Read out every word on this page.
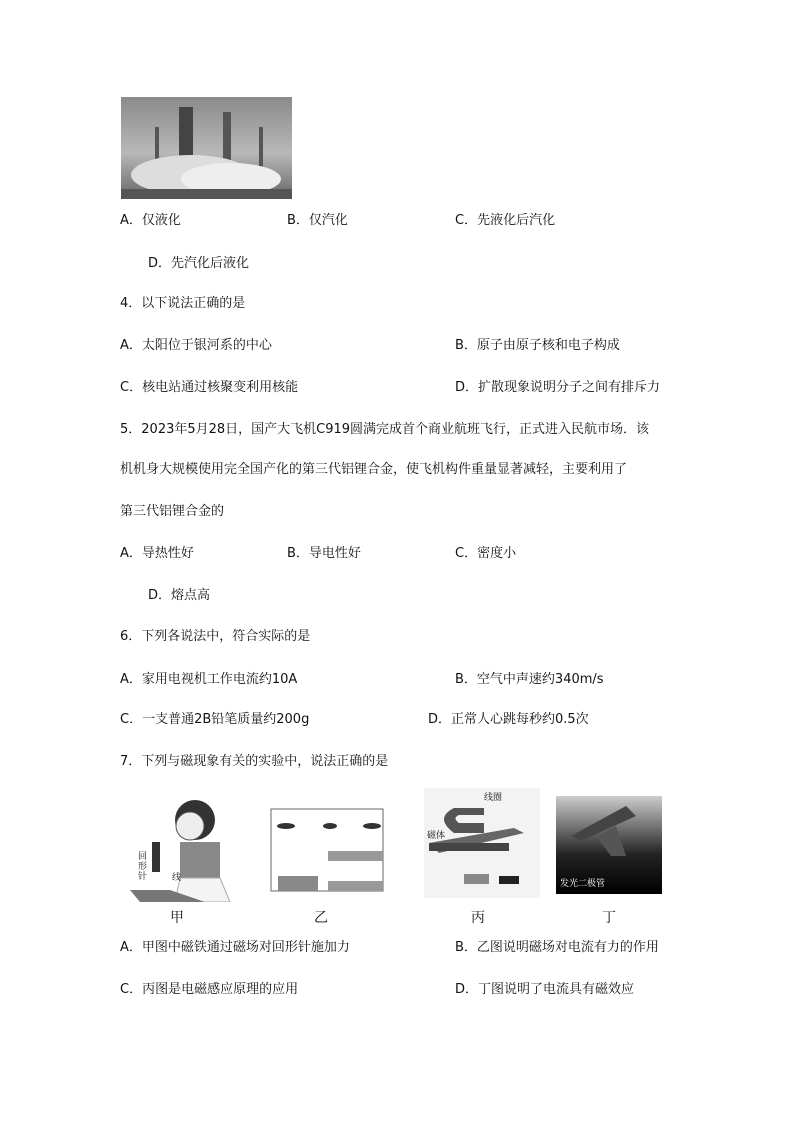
A．仅液化	B．仅汽化	C．先液化后汽化
D．先汽化后液化
4．以下说法正确的是
A．太阳位于银河系的中心	B．原子由原子核和电子构成
C．核电站通过核聚变利用核能	D．扩散现象说明分子之间有排斥力
5．2023年5月28日，国产大飞机C919圆满完成首个商业航班飞行，正式进入民航市场．该
机机身大规模使用完全国产化的第三代铝锂合金，使飞机构件重量显著减轻，主要利用了
第三代铝锂合金的
A．导热性好	B．导电性好	C．密度小
D．熔点高
6．下列各说法中，符合实际的是
A．家用电视机工作电流约10A	B．空气中声速约340m/s
C．一支普通2B铅笔质量约200g	D．正常人心跳每秒约0.5次
7．下列与磁现象有关的实验中，说法正确的是
回形针	线
甲	乙
线圈
磁体
丙
发光二极管
丁
A．甲图中磁铁通过磁场对回形针施加力	B．乙图说明磁场对电流有力的作用
C．丙图是电磁感应原理的应用	D．丁图说明了电流具有磁效应
